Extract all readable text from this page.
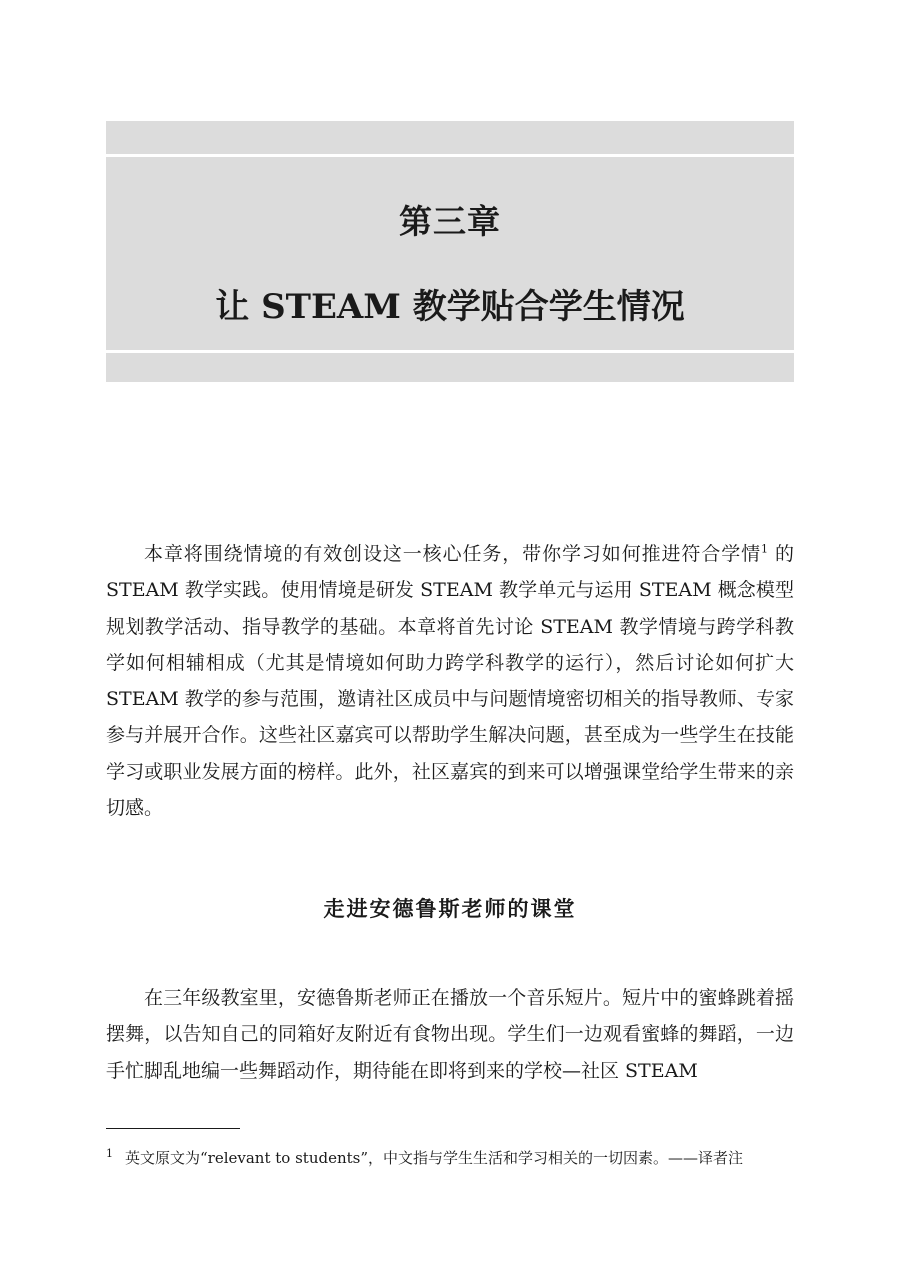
第三章
让 STEAM 教学贴合学生情况

本章将围绕情境的有效创设这一核心任务，带你学习如何推进符合学情$^1$ 的STEAM 教学实践。使用情境是研发 STEAM 教学单元与运用 STEAM 概念模型规划教学活动、指导教学的基础。本章将首先讨论 STEAM 教学情境与跨学科教学如何相辅相成（尤其是情境如何助力跨学科教学的运行），然后讨论如何扩大 STEAM 教学的参与范围，邀请社区成员中与问题情境密切相关的指导教师、专家参与并展开合作。这些社区嘉宾可以帮助学生解决问题，甚至成为一些学生在技能学习或职业发展方面的榜样。此外，社区嘉宾的到来可以增强课堂给学生带来的亲切感。

走进安德鲁斯老师的课堂

在三年级教室里，安德鲁斯老师正在播放一个音乐短片。短片中的蜜蜂跳着摇摆舞，以告知自己的同箱好友附近有食物出现。学生们一边观看蜜蜂的舞蹈，一边手忙脚乱地编一些舞蹈动作，期待能在即将到来的学校—社区 STEAM

$^1$ 英文原文为“relevant to students”，中文指与学生生活和学习相关的一切因素。——译者注
